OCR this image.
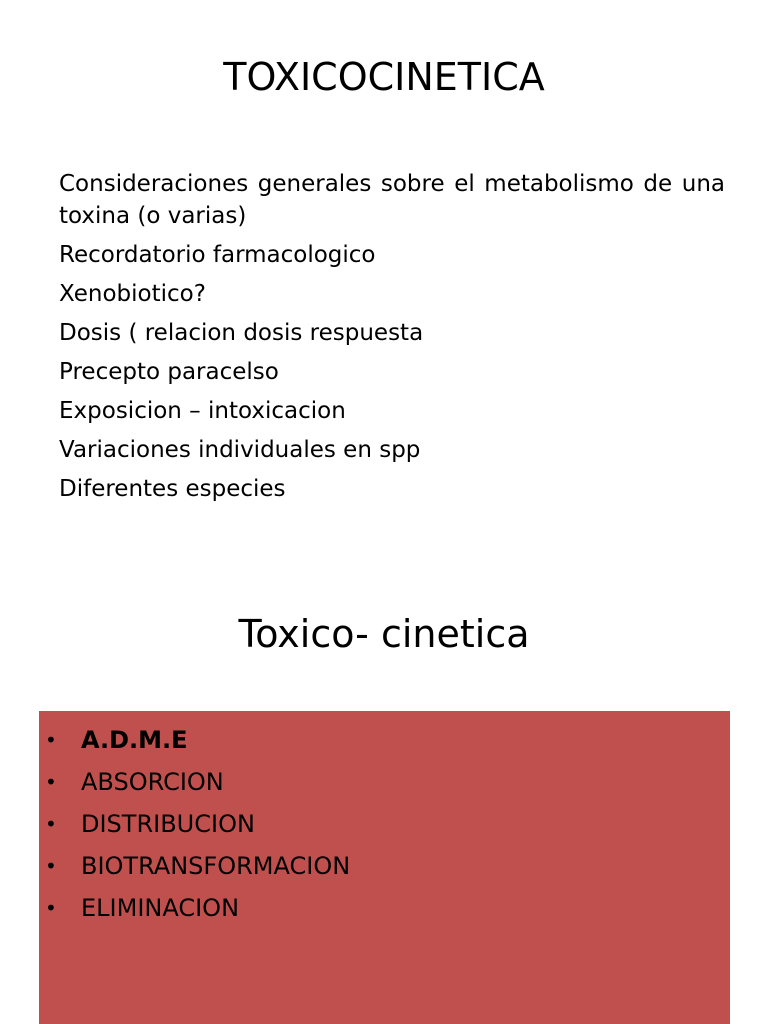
TOXICOCINETICA
Consideraciones generales sobre el metabolismo de una toxina (o varias)
Recordatorio farmacologico
Xenobiotico?
Dosis ( relacion dosis respuesta
Precepto paracelso
Exposicion – intoxicacion
Variaciones individuales en spp
Diferentes especies
Toxico- cinetica
• A.D.M.E
• ABSORCION
• DISTRIBUCION
• BIOTRANSFORMACION
• ELIMINACION
